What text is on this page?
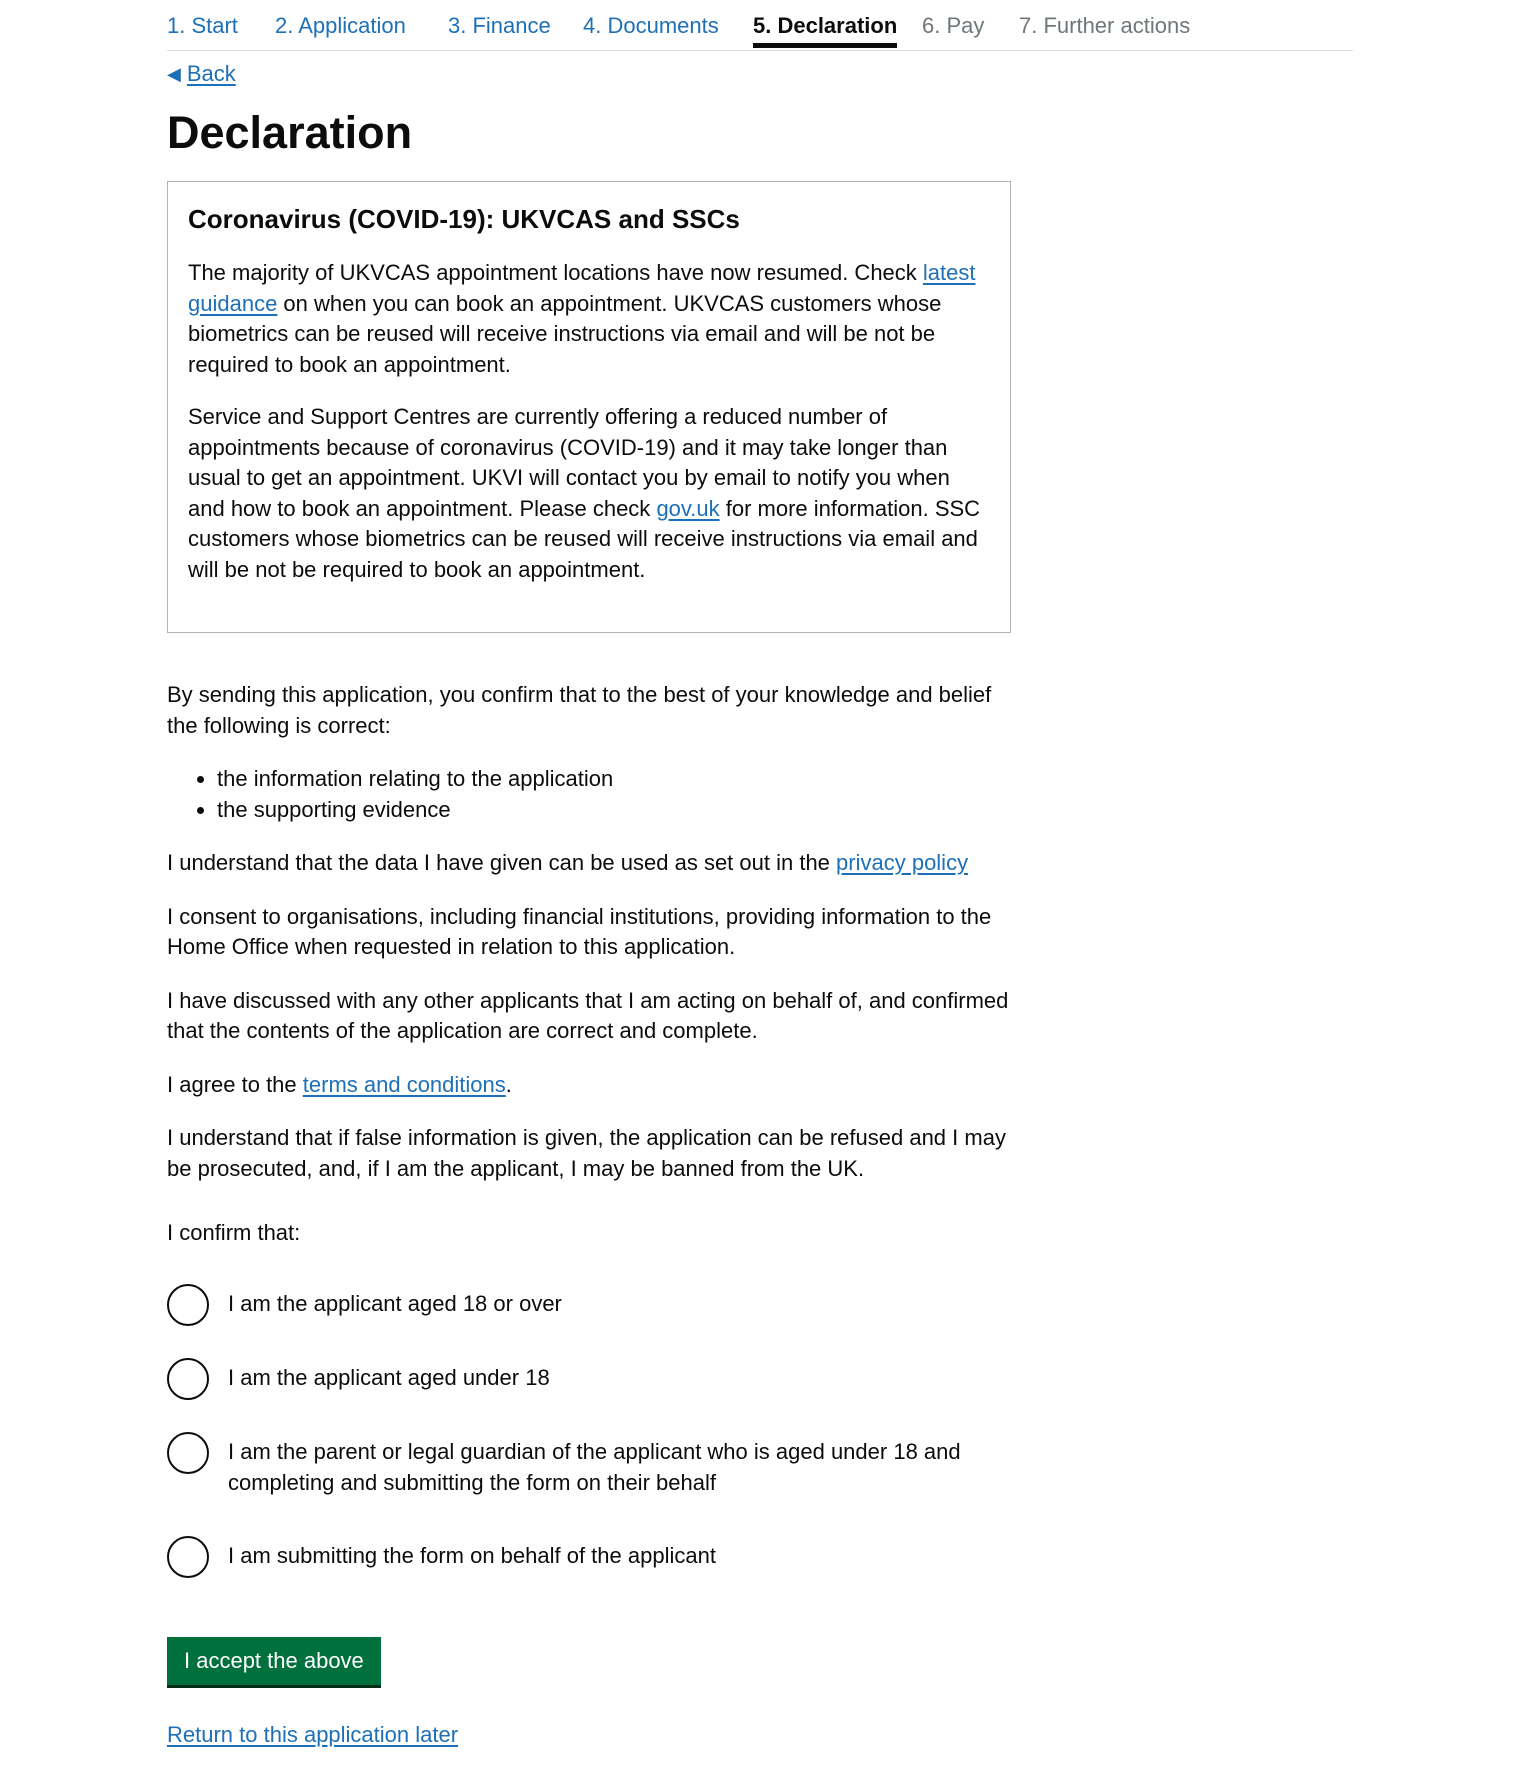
1. Start 2. Application 3. Finance 4. Documents 5. Declaration 6. Pay 7. Further actions
◀ Back
Declaration
Coronavirus (COVID-19): UKVCAS and SSCs

The majority of UKVCAS appointment locations have now resumed. Check latest guidance on when you can book an appointment. UKVCAS customers whose biometrics can be reused will receive instructions via email and will be not be required to book an appointment.

Service and Support Centres are currently offering a reduced number of appointments because of coronavirus (COVID-19) and it may take longer than usual to get an appointment. UKVI will contact you by email to notify you when and how to book an appointment. Please check gov.uk for more information. SSC customers whose biometrics can be reused will receive instructions via email and will be not be required to book an appointment.

By sending this application, you confirm that to the best of your knowledge and belief the following is correct:

• the information relating to the application
• the supporting evidence

I understand that the data I have given can be used as set out in the privacy policy

I consent to organisations, including financial institutions, providing information to the Home Office when requested in relation to this application.

I have discussed with any other applicants that I am acting on behalf of, and confirmed that the contents of the application are correct and complete.

I agree to the terms and conditions.

I understand that if false information is given, the application can be refused and I may be prosecuted, and, if I am the applicant, I may be banned from the UK.

I confirm that:
I am the applicant aged 18 or over
I am the applicant aged under 18
I am the parent or legal guardian of the applicant who is aged under 18 and completing and submitting the form on their behalf
I am submitting the form on behalf of the applicant
I accept the above
Return to this application later
